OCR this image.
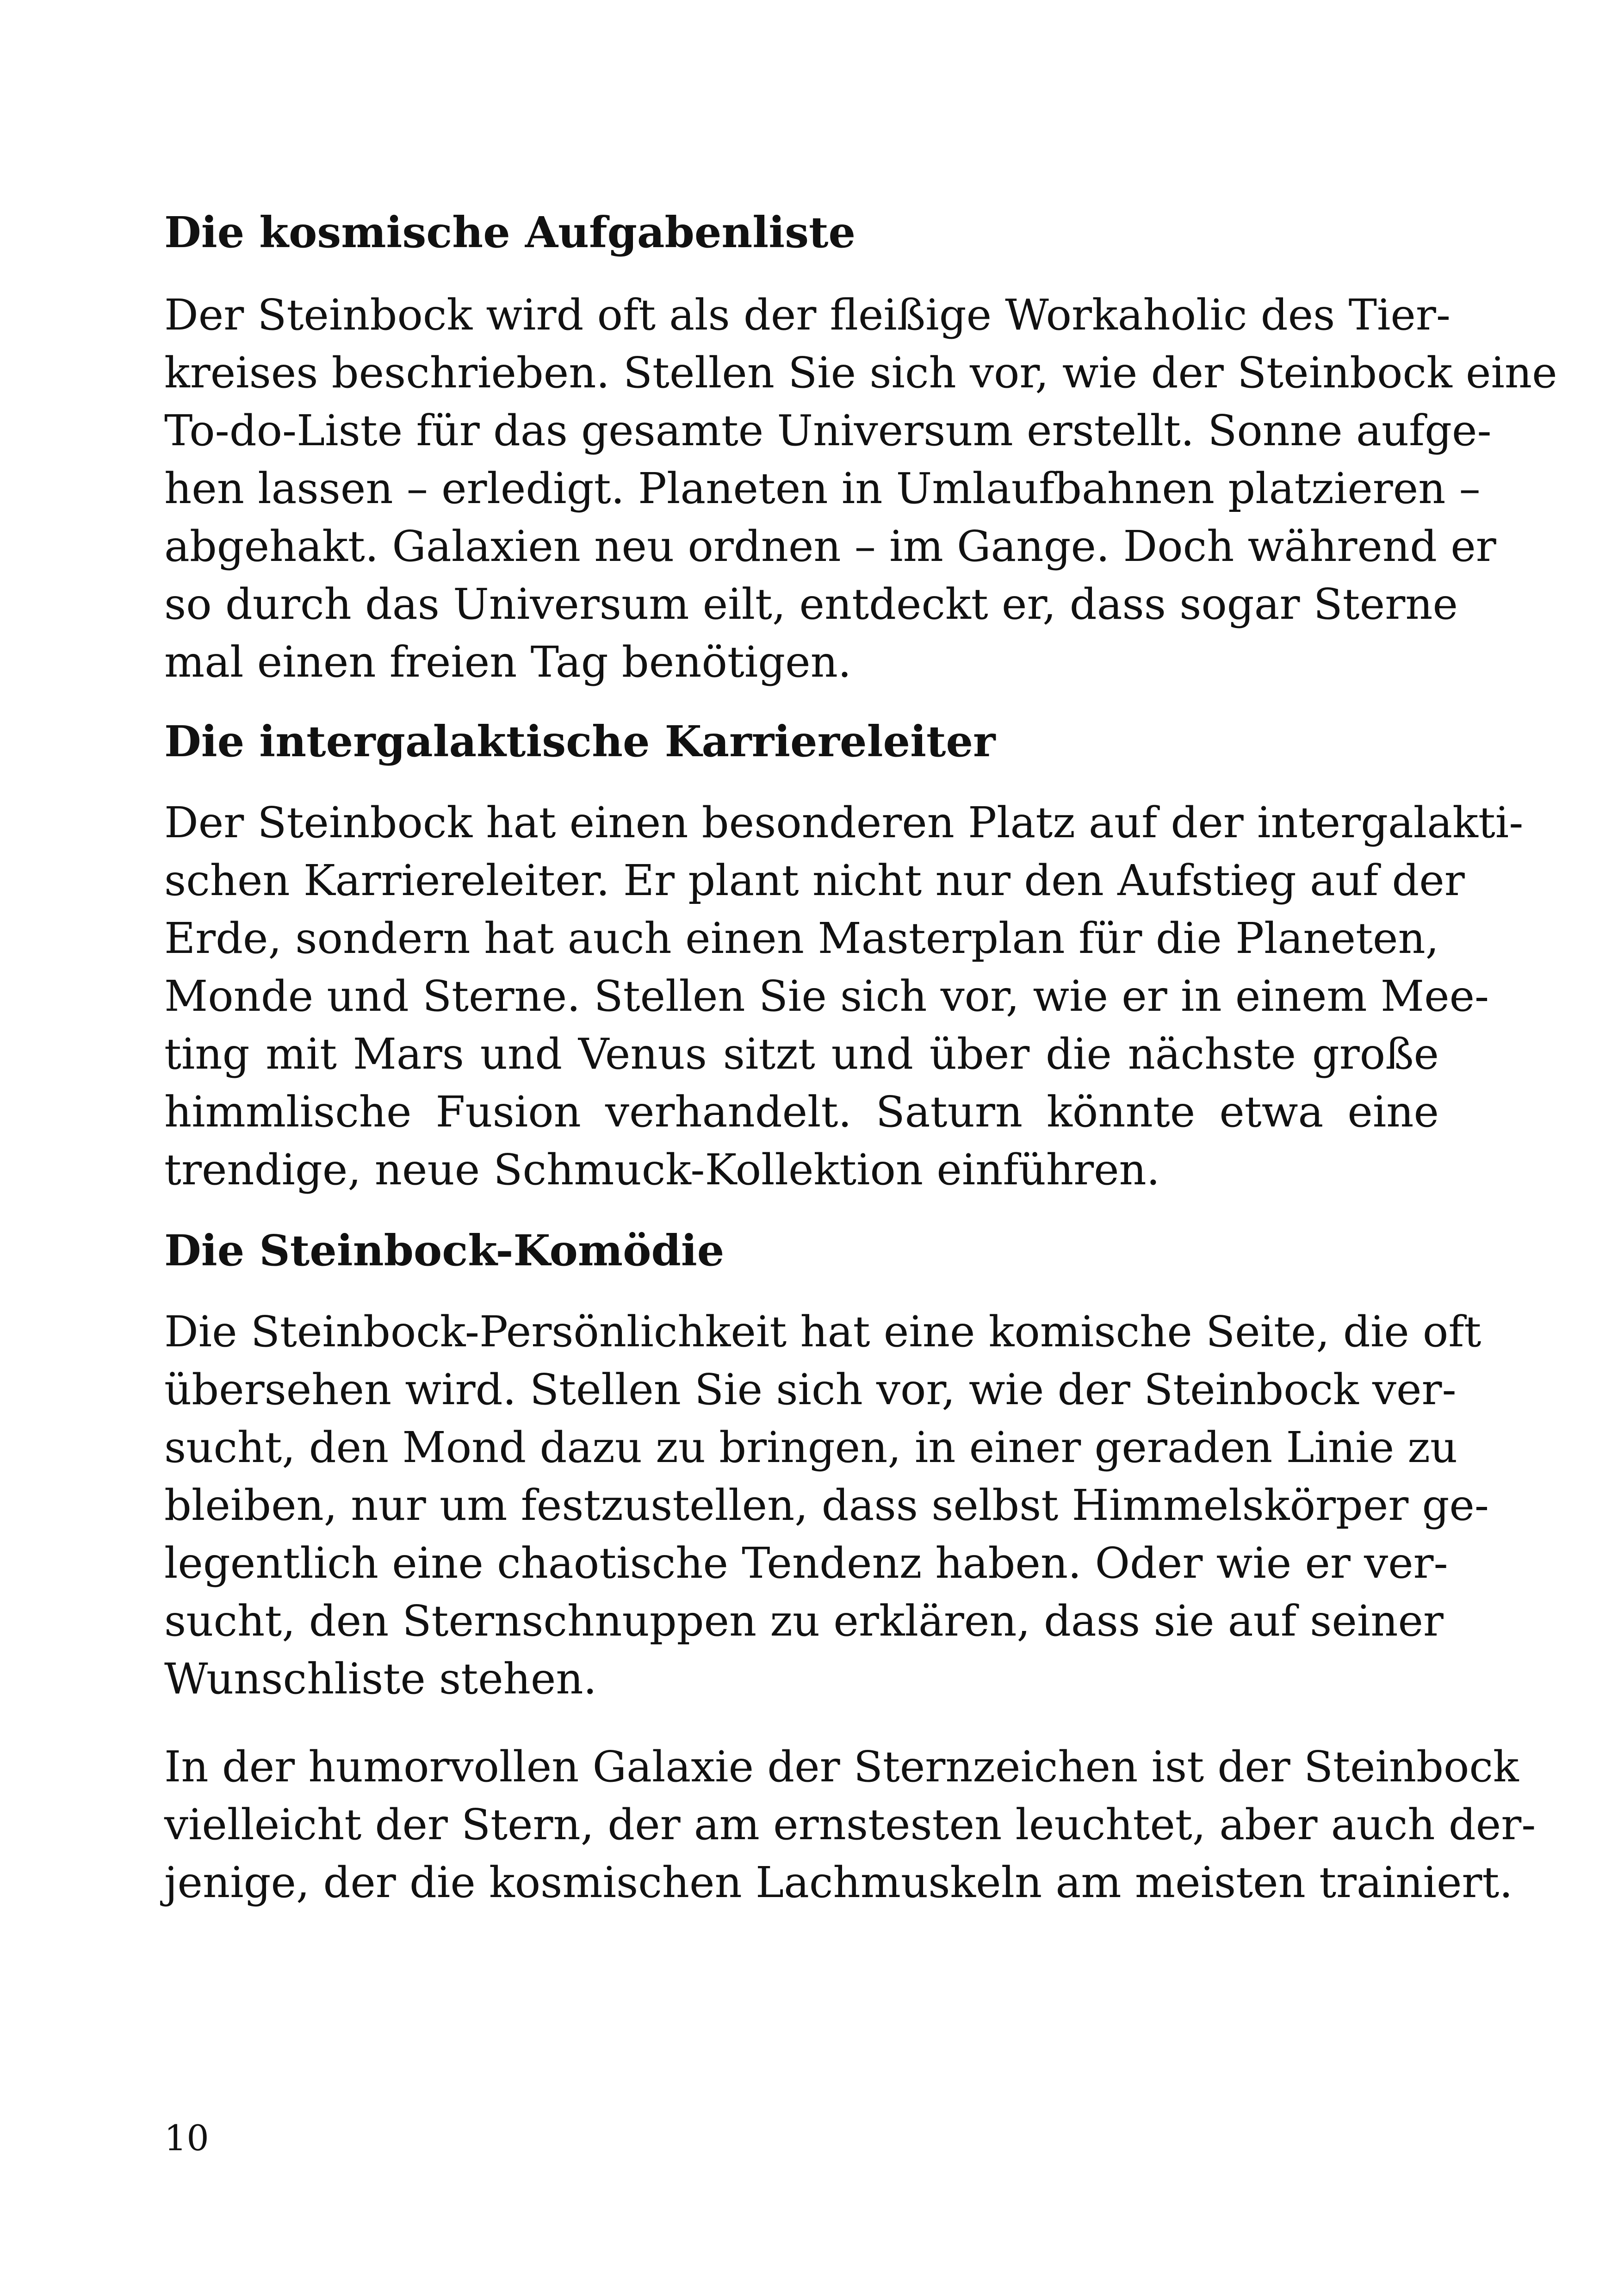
Die kosmische Aufgabenliste
Der Steinbock wird oft als der fleißige Workaholic des Tier-
kreises beschrieben. Stellen Sie sich vor, wie der Steinbock eine
To-do-Liste für das gesamte Universum erstellt. Sonne aufge-
hen lassen – erledigt. Planeten in Umlaufbahnen platzieren –
abgehakt. Galaxien neu ordnen – im Gange. Doch während er
so durch das Universum eilt, entdeckt er, dass sogar Sterne
mal einen freien Tag benötigen.
Die intergalaktische Karriereleiter
Der Steinbock hat einen besonderen Platz auf der intergalakti-
schen Karriereleiter. Er plant nicht nur den Aufstieg auf der
Erde, sondern hat auch einen Masterplan für die Planeten,
Monde und Sterne. Stellen Sie sich vor, wie er in einem Mee-
ting mit Mars und Venus sitzt und über die nächste große
himmlische Fusion verhandelt. Saturn könnte etwa eine
trendige, neue Schmuck-Kollektion einführen.
Die Steinbock-Komödie
Die Steinbock-Persönlichkeit hat eine komische Seite, die oft
übersehen wird. Stellen Sie sich vor, wie der Steinbock ver-
sucht, den Mond dazu zu bringen, in einer geraden Linie zu
bleiben, nur um festzustellen, dass selbst Himmelskörper ge-
legentlich eine chaotische Tendenz haben. Oder wie er ver-
sucht, den Sternschnuppen zu erklären, dass sie auf seiner
Wunschliste stehen.
In der humorvollen Galaxie der Sternzeichen ist der Steinbock
vielleicht der Stern, der am ernstesten leuchtet, aber auch der-
jenige, der die kosmischen Lachmuskeln am meisten trainiert.
10
